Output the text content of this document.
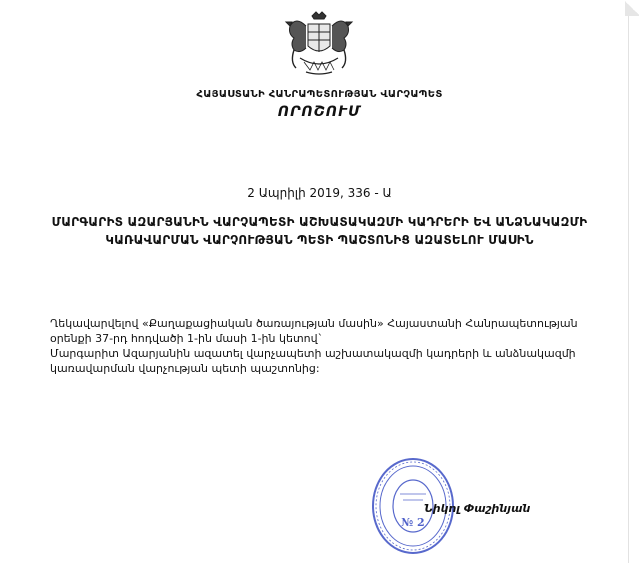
ՀԱՅԱՍՏԱՆԻ ՀԱՆՐԱՊԵՏՈՒԹՅԱՆ ՎԱՐՉԱՊԵՏ
ՈՐՈՇՈՒՄ
2 Ապրիլի 2019, 336 - Ա
ՄԱՐԳԱՐԻՏ ԱԶԱՐՅԱՆԻՆ ՎԱՐՉԱՊԵՏԻ ԱՇԽԱՏԱԿԱԶՄԻ ԿԱԴՐԵՐԻ ԵՎ ԱՆՁՆԱԿԱԶՄԻ
ԿԱՌԱՎԱՐՄԱՆ ՎԱՐՉՈՒԹՅԱՆ ՊԵՏԻ ՊԱՇՏՈՆԻՑ ԱԶԱՏԵԼՈՒ ՄԱՍԻՆ

Ղեկավարվելով «Քաղաքացիական ծառայության մասին» Հայաստանի Հանրապետության

օրենքի 37-րդ հոդվածի 1-ին մասի 1-ին կետով`

Մարգարիտ Ազարյանին ազատել վարչապետի աշխատակազմի կադրերի և անձնակազմի

կառավարման վարչության պետի պաշտոնից:

№ 2
Նիկոլ Փաշինյան
